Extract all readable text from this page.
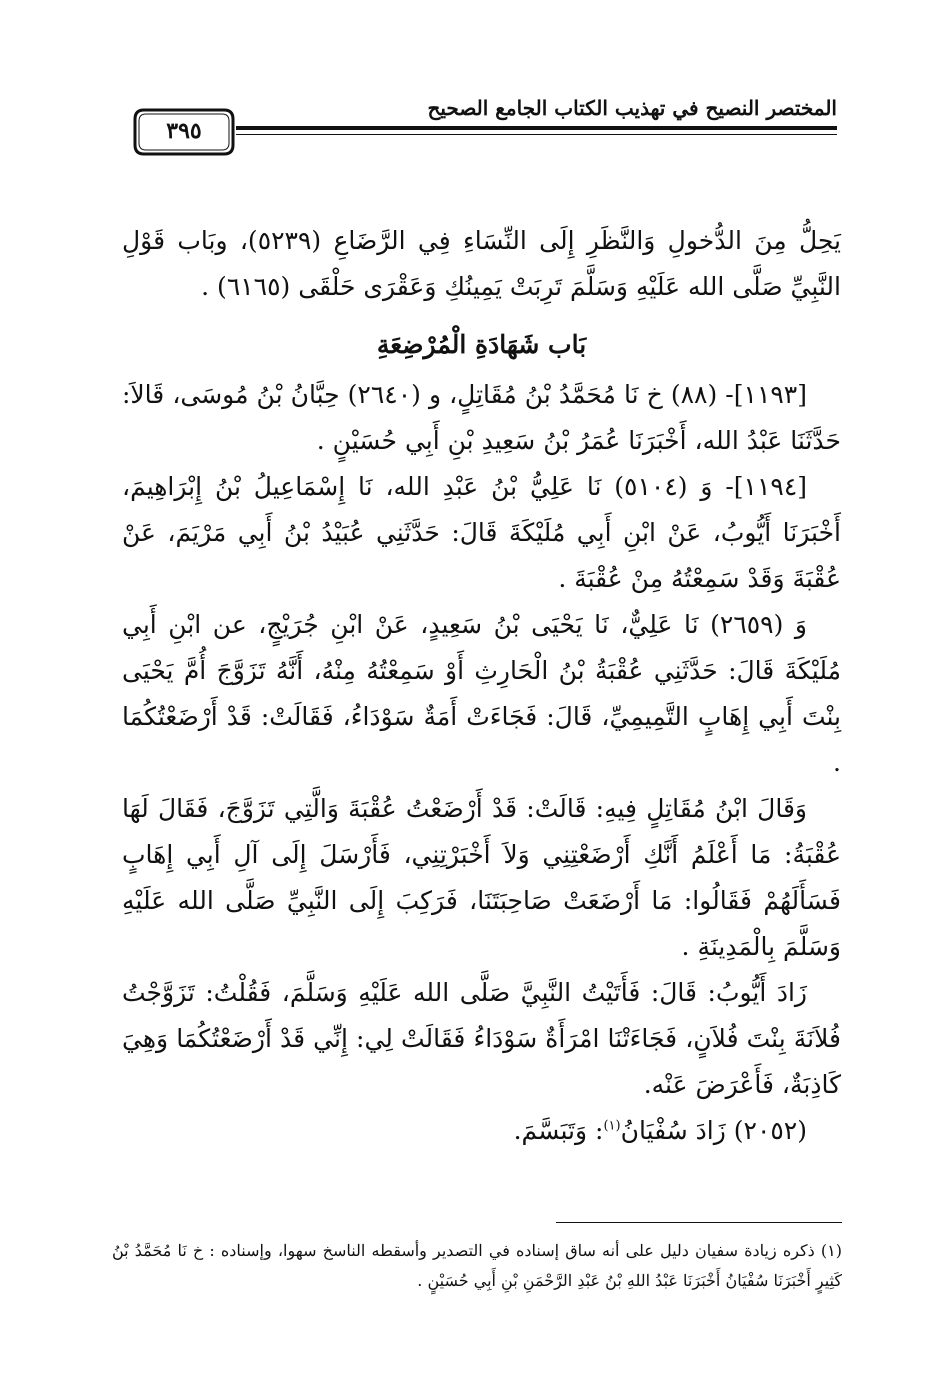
المختصر النصيح في تهذيب الكتاب الجامع الصحيح
٣٩٥

يَحِلُّ مِنَ الدُّخولِ وَالنَّظَرِ إِلَى النِّسَاءِ فِي الرَّضَاعِ (٥٢٣٩)، وبَاب قَوْلِ النَّبِيِّ صَلَّى الله عَلَيْهِ وَسَلَّمَ تَرِبَتْ يَمِينُكِ وَعَقْرَى حَلْقَى (٦١٦٥) .

بَاب شَهَادَةِ الْمُرْضِعَةِ

[١١٩٣]- (٨٨) خ نَا مُحَمَّدُ بْنُ مُقَاتِلٍ، و (٢٦٤٠) حِبَّانُ بْنُ مُوسَى، قَالاَ: حَدَّثَنَا عَبْدُ الله، أَخْبَرَنَا عُمَرُ بْنُ سَعِيدِ بْنِ أَبِي حُسَيْنٍ .

[١١٩٤]- وَ (٥١٠٤) نَا عَلِيُّ بْنُ عَبْدِ الله، نَا إِسْمَاعِيلُ بْنُ إِبْرَاهِيمَ، أَخْبَرَنَا أَيُّوبُ، عَنْ ابْنِ أَبِي مُلَيْكَةَ قَالَ: حَدَّثَنِي عُبَيْدُ بْنُ أَبِي مَرْيَمَ، عَنْ عُقْبَةَ وَقَدْ سَمِعْتُهُ مِنْ عُقْبَةَ .

وَ (٢٦٥٩) نَا عَلِيٌّ، نَا يَحْيَى بْنُ سَعِيدٍ، عَنْ ابْنِ جُرَيْجٍ، عن ابْنِ أَبِي مُلَيْكَةَ قَالَ: حَدَّثَنِي عُقْبَةُ بْنُ الْحَارِثِ أَوْ سَمِعْتُهُ مِنْهُ، أَنَّهُ تَزَوَّجَ أُمَّ يَحْيَى بِنْتَ أَبِي إِهَابٍ التَّمِيمِيِّ، قَالَ: فَجَاءَتْ أَمَةٌ سَوْدَاءُ، فَقَالَتْ: قَدْ أَرْضَعْتُكُمَا .

وَقَالَ ابْنُ مُقَاتِلٍ فِيهِ: قَالَتْ: قَدْ أَرْضَعْتُ عُقْبَةَ وَالَّتِي تَزَوَّجَ، فَقَالَ لَهَا عُقْبَةُ: مَا أَعْلَمُ أَنَّكِ أَرْضَعْتِنِي وَلاَ أَخْبَرْتِنِي، فَأَرْسَلَ إِلَى آلِ أَبِي إِهَابٍ فَسَأَلَهُمْ فَقَالُوا: مَا أَرْضَعَتْ صَاحِبَتَنَا، فَرَكِبَ إِلَى النَّبِيِّ صَلَّى الله عَلَيْهِ وَسَلَّمَ بِالْمَدِينَةِ .

زَادَ أَيُّوبُ: قَالَ: فَأَتَيْتُ النَّبِيَّ صَلَّى الله عَلَيْهِ وَسَلَّمَ، فَقُلْتُ: تَزَوَّجْتُ فُلاَنَةَ بِنْتَ فُلاَنٍ، فَجَاءَتْنَا امْرَأَةٌ سَوْدَاءُ فَقَالَتْ لِي: إِنِّي قَدْ أَرْضَعْتُكُمَا وَهِيَ كَاذِبَةٌ، فَأَعْرَضَ عَنْه.

(٢٠٥٢) زَادَ سُفْيَانُ$^{(١)}$: وَتَبَسَّمَ.

(١) ذكره زيادة سفيان دليل على أنه ساق إسناده في التصدير وأسقطه الناسخ سهوا، وإسناده : خ نَا مُحَمَّدُ بْنُ كَثِيرٍ أَخْبَرَنَا سُفْيَانُ أَخْبَرَنَا عَبْدُ اللهِ بْنُ عَبْدِ الرَّحْمَنِ بْنِ أَبِي حُسَيْنٍ .
